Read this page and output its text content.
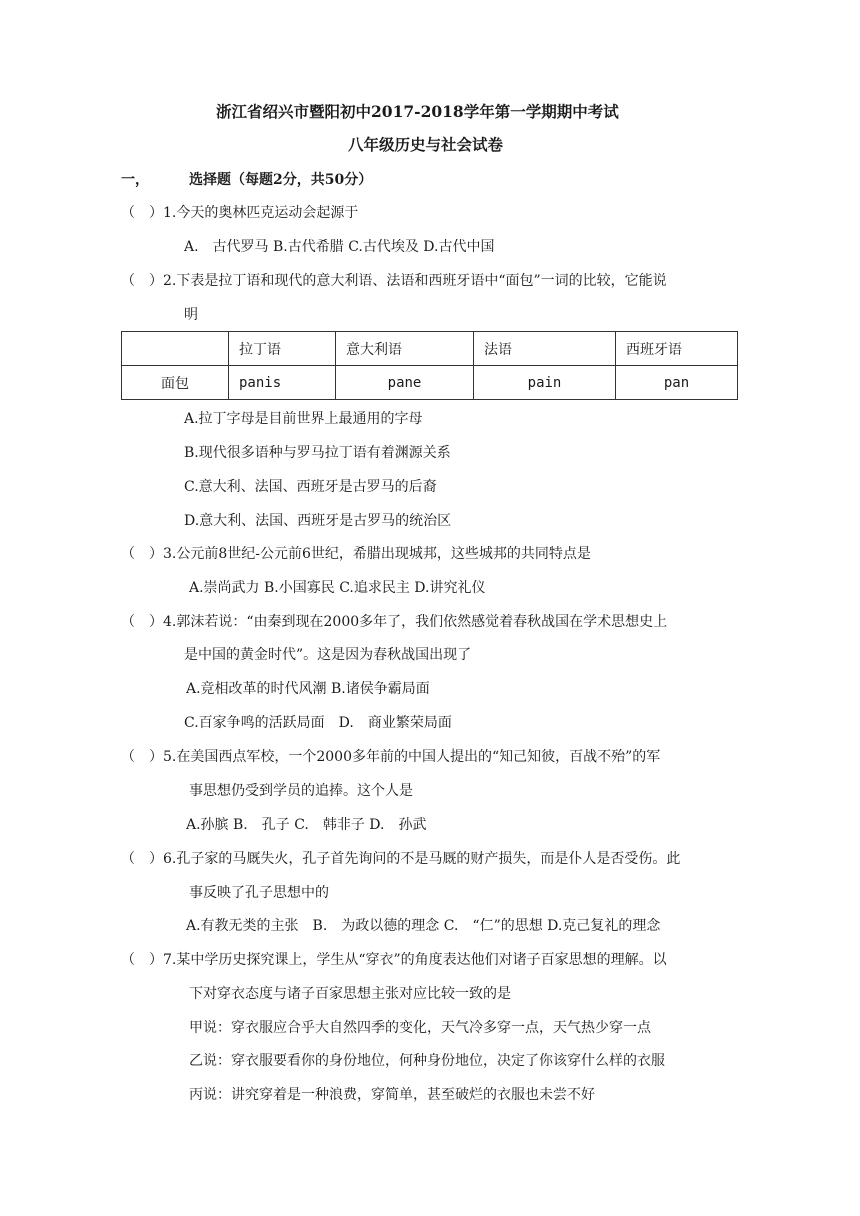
浙江省绍兴市暨阳初中2017-2018学年第一学期期中考试
八年级历史与社会试卷
一，	选择题（每题2分，共50分）
（　）1.今天的奥林匹克运动会起源于
A.　古代罗马 B.古代希腊 C.古代埃及 D.古代中国
（　）2.下表是拉丁语和现代的意大利语、法语和西班牙语中“面包”一词的比较，它能说
明
	拉丁语	意大利语	法语	西班牙语
面包	panis	pane	pain	pan
A.拉丁字母是目前世界上最通用的字母
B.现代很多语种与罗马拉丁语有着渊源关系
C.意大利、法国、西班牙是古罗马的后裔
D.意大利、法国、西班牙是古罗马的统治区
（　）3.公元前8世纪-公元前6世纪，希腊出现城邦，这些城邦的共同特点是
A.崇尚武力 B.小国寡民 C.追求民主 D.讲究礼仪
（　）4.郭沫若说：“由秦到现在2000多年了，我们依然感觉着春秋战国在学术思想史上
是中国的黄金时代”。这是因为春秋战国出现了
A.竞相改革的时代风潮 B.诸侯争霸局面
C.百家争鸣的活跃局面　D.　商业繁荣局面
（　）5.在美国西点军校，一个2000多年前的中国人提出的“知己知彼，百战不殆”的军
事思想仍受到学员的追捧。这个人是
A.孙膑 B.　孔子 C.　韩非子 D.　孙武
（　）6.孔子家的马厩失火，孔子首先询问的不是马厩的财产损失，而是仆人是否受伤。此
事反映了孔子思想中的
A.有教无类的主张　B.　为政以德的理念 C.　“仁”的思想 D.克己复礼的理念
（　）7.某中学历史探究课上，学生从“穿衣”的角度表达他们对诸子百家思想的理解。以
下对穿衣态度与诸子百家思想主张对应比较一致的是
甲说：穿衣服应合乎大自然四季的变化，天气冷多穿一点，天气热少穿一点
乙说：穿衣服要看你的身份地位，何种身份地位，决定了你该穿什么样的衣服
丙说：讲究穿着是一种浪费，穿简单，甚至破烂的衣服也未尝不好
